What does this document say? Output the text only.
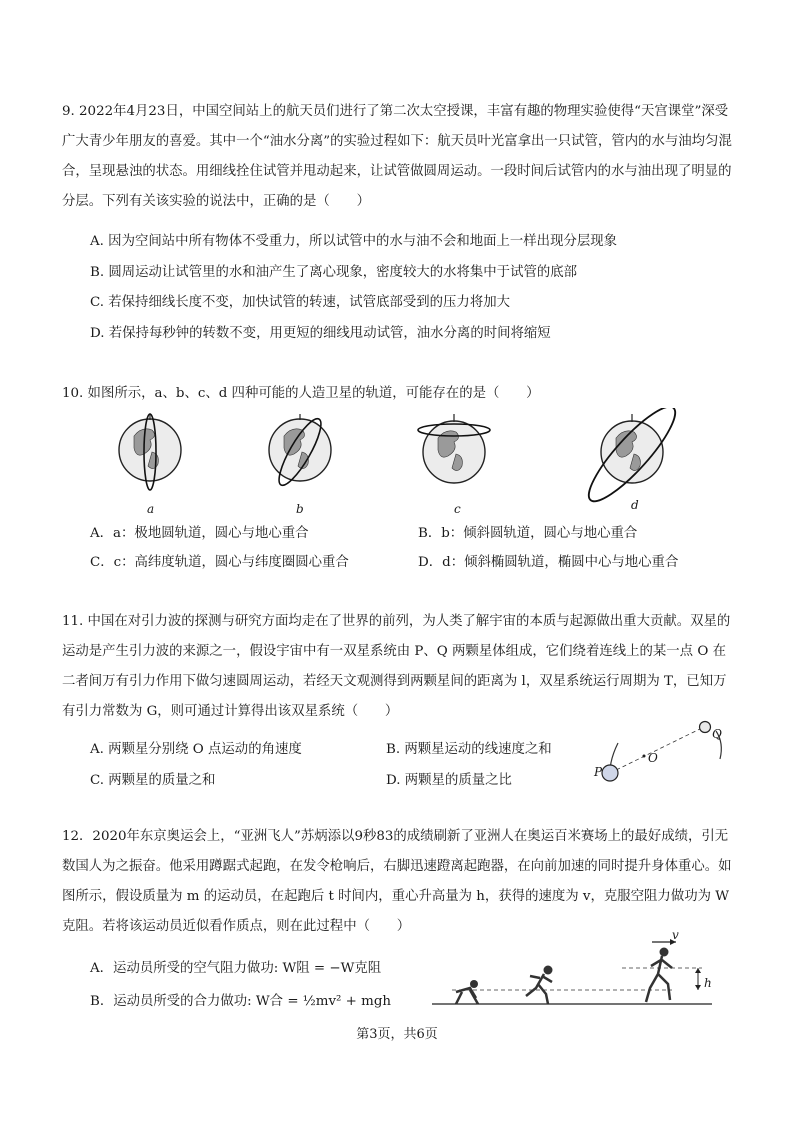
9. 2022年4月23日，中国空间站上的航天员们进行了第二次太空授课，丰富有趣的物理实验使得“天宫课堂”深受广大青少年朋友的喜爱。其中一个“油水分离”的实验过程如下：航天员叶光富拿出一只试管，管内的水与油均匀混合，呈现悬浊的状态。用细线拴住试管并甩动起来，让试管做圆周运动。一段时间后试管内的水与油出现了明显的分层。下列有关该实验的说法中，正确的是（　　）
A. 因为空间站中所有物体不受重力，所以试管中的水与油不会和地面上一样出现分层现象
B. 圆周运动让试管里的水和油产生了离心现象，密度较大的水将集中于试管的底部
C. 若保持细线长度不变，加快试管的转速，试管底部受到的压力将加大
D. 若保持每秒钟的转数不变，用更短的细线甩动试管，油水分离的时间将缩短
10. 如图所示，a、b、c、d 四种可能的人造卫星的轨道，可能存在的是（　　）
a	b	c	d
A．a：极地圆轨道，圆心与地心重合	B．b：倾斜圆轨道，圆心与地心重合
C．c：高纬度轨道，圆心与纬度圈圆心重合	D．d：倾斜椭圆轨道，椭圆中心与地心重合
11. 中国在对引力波的探测与研究方面均走在了世界的前列，为人类了解宇宙的本质与起源做出重大贡献。双星的运动是产生引力波的来源之一，假设宇宙中有一双星系统由 P、Q 两颗星体组成，它们绕着连线上的某一点 O 在二者间万有引力作用下做匀速圆周运动，若经天文观测得到两颗星间的距离为 l，双星系统运行周期为 T，已知万有引力常数为 G，则可通过计算得出该双星系统（　　）
A. 两颗星分别绕 O 点运动的角速度	B. 两颗星运动的线速度之和
C. 两颗星的质量之和	D. 两颗星的质量之比
P
O
Q
12．2020年东京奥运会上，“亚洲飞人”苏炳添以9秒83的成绩刷新了亚洲人在奥运百米赛场上的最好成绩，引无数国人为之振奋。他采用蹲踞式起跑，在发令枪响后，右脚迅速蹬离起跑器，在向前加速的同时提升身体重心。如图所示，假设质量为 m 的运动员，在起跑后 t 时间内，重心升高量为 h，获得的速度为 v，克服空阻力做功为 W克阻。若将该运动员近似看作质点，则在此过程中（　　）
A．运动员所受的空气阻力做功: W阻 = −W克阻
B．运动员所受的合力做功: W合 = ½mv² + mgh
v
h
第3页，共6页
